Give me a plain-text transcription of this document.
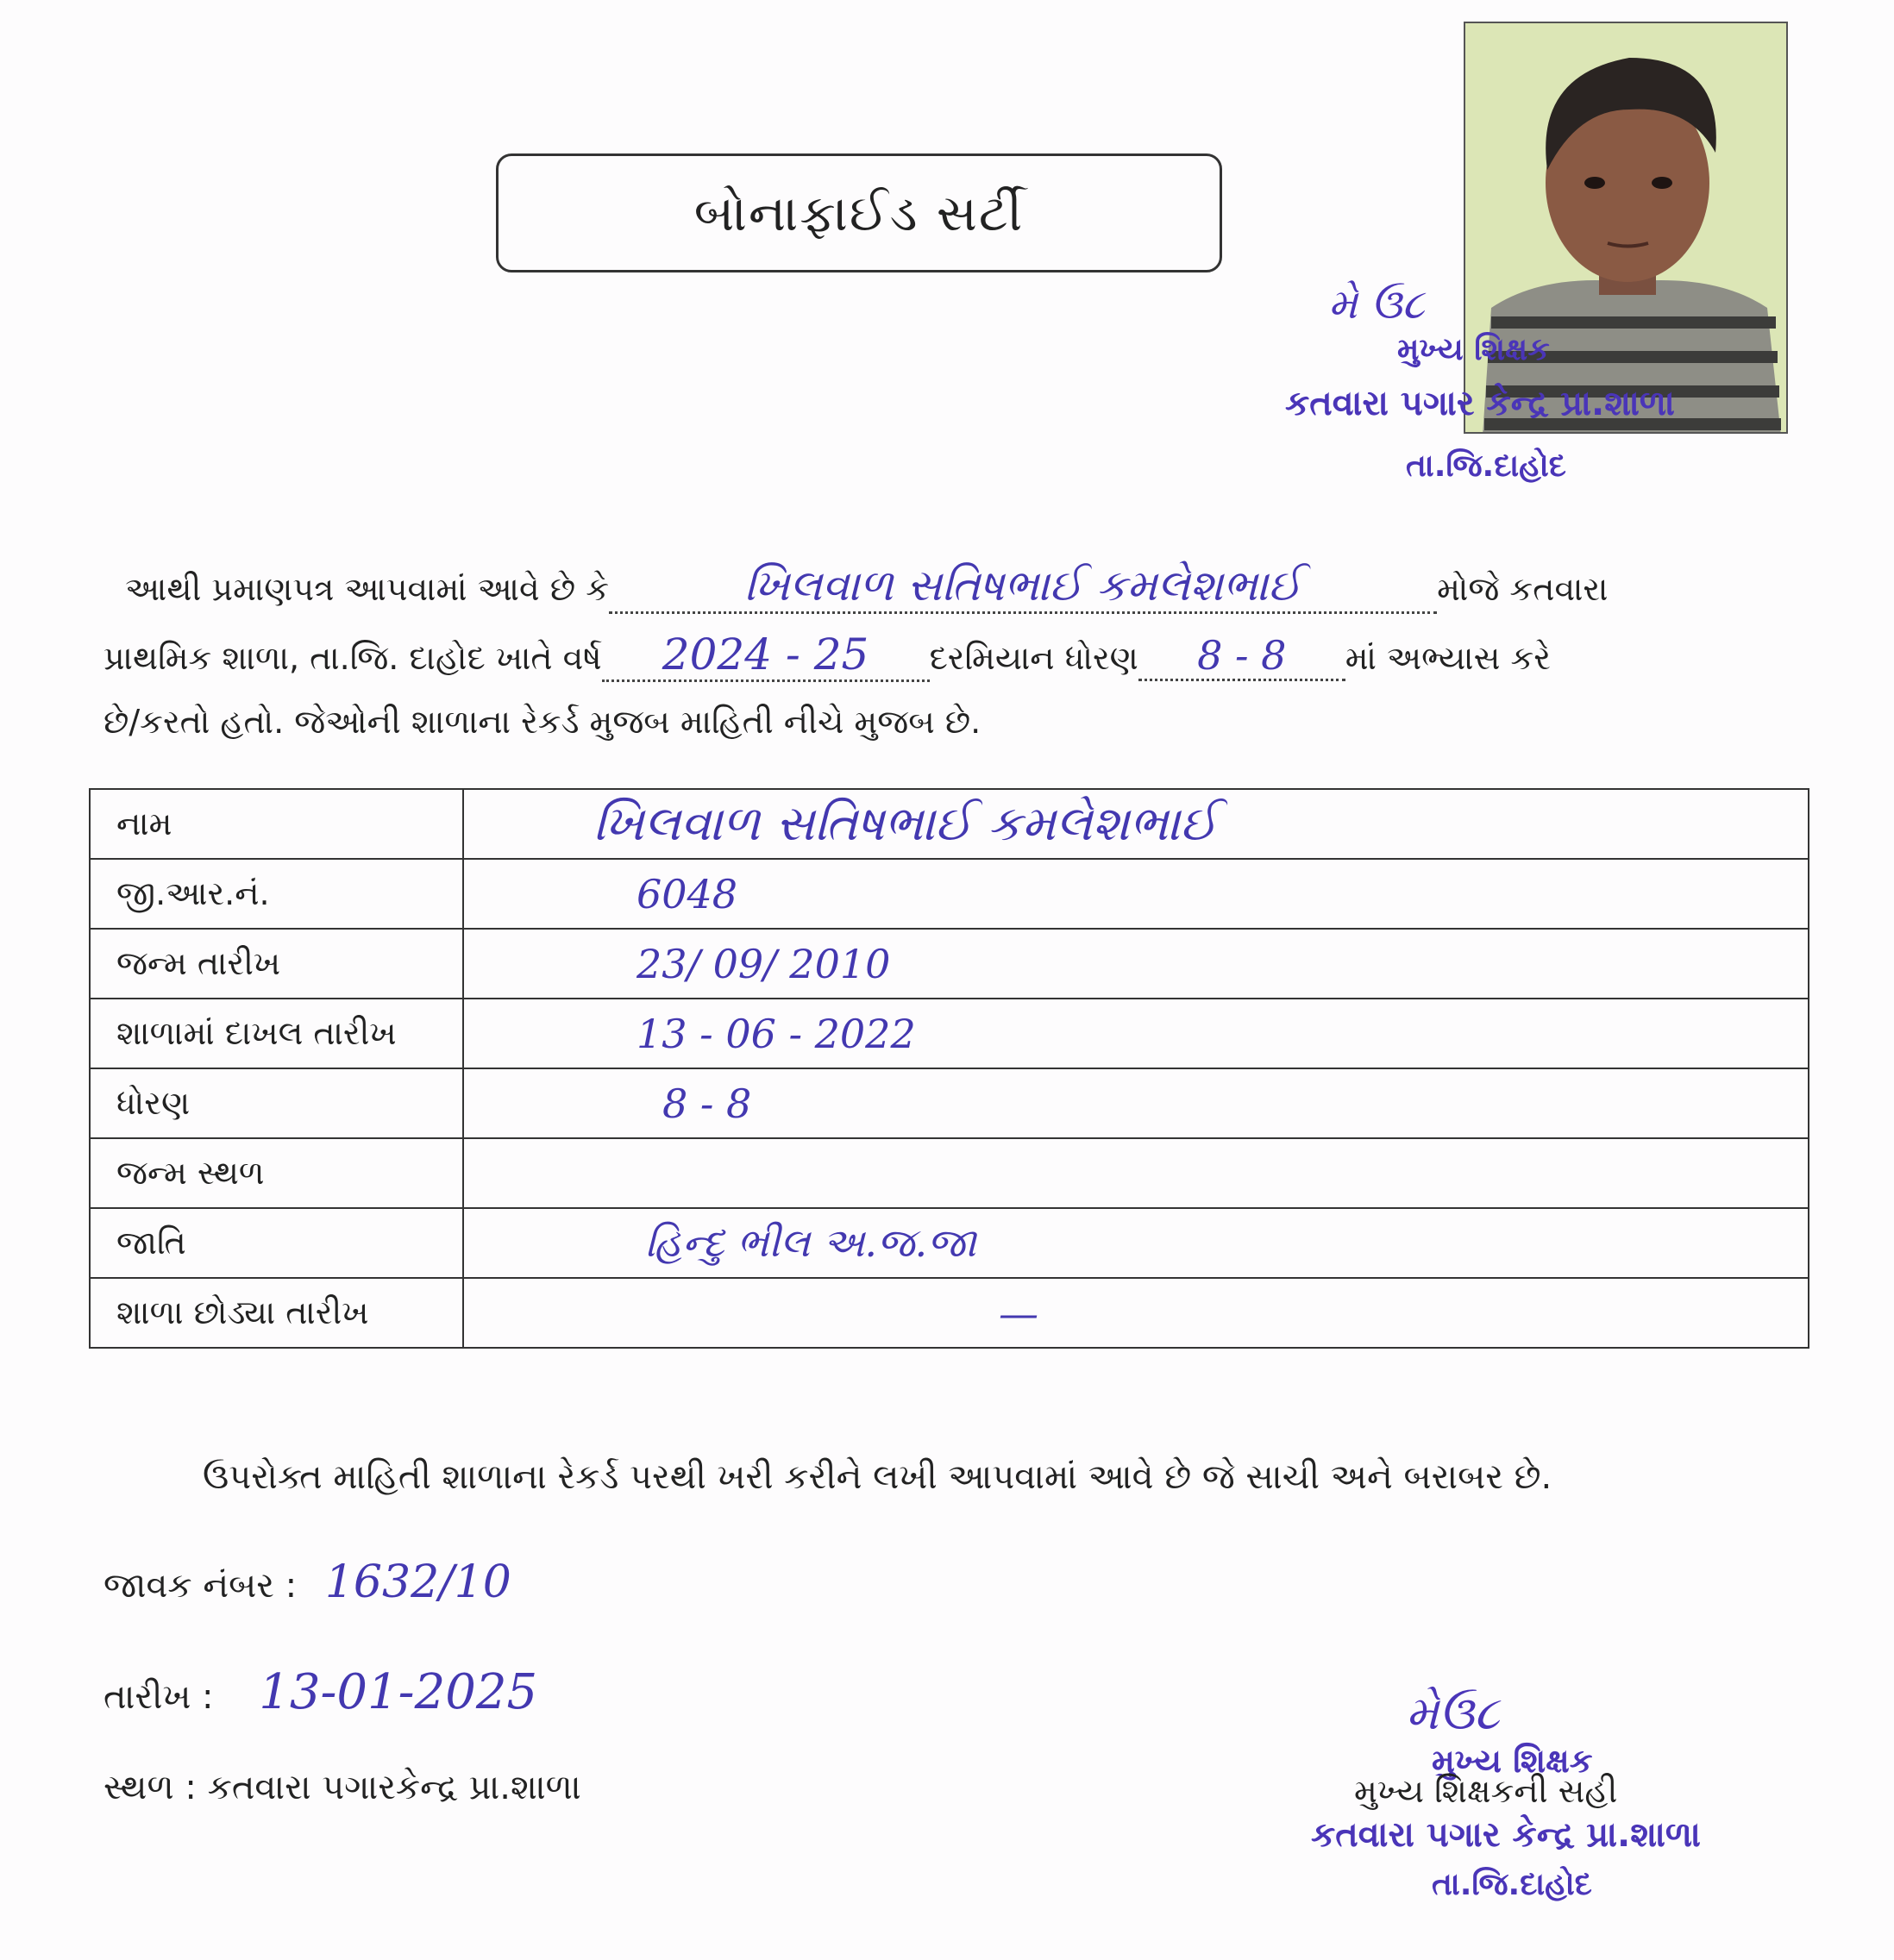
બોનાફાઈડ સર્ટી
મે ઉ૮
મુખ્ય શિક્ષક
કતવારા પગાર કેન્દ્ર પ્રા.શાળા
તા.જિ.દાહોદ
આથી પ્રમાણપત્ર આપવામાં આવે છે કે	ખિલવાળ સતિષભાઈ કમલેશભાઈ	મોજે કતવારા
પ્રાથમિક શાળા, તા.જિ. દાહોદ ખાતે વર્ષ 2024 - 25 દરમિયાન ધોરણ 8 - 8 માં અભ્યાસ કરે
છે/કરતો હતો. જેઓની શાળાના રેકર્ડ મુજબ માહિતી નીચે મુજબ છે.
નામ	ખિલવાળ સતિષભાઈ કમલેશભાઈ
જી.આર.નં.	6048
જન્મ તારીખ	23/ 09/ 2010
શાળામાં દાખલ તારીખ	13 - 06 - 2022
ધોરણ	8 - 8
જન્મ સ્થળ
જાતિ	હિન્દુ ભીલ અ.જ.જા
શાળા છોડ્યા તારીખ	—
ઉપરોક્ત માહિતી શાળાના રેકર્ડ પરથી ખરી કરીને લખી આપવામાં આવે છે જે સાચી અને બરાબર છે.
જાવક નંબર : 1632/10
તારીખ : 13-01-2025
સ્થળ : કતવારા પગારકેન્દ્ર પ્રા.શાળા
મેઉ૮
મુખ્ય શિક્ષક
મુખ્ય શિક્ષકની સહી
કતવારા પગાર કેન્દ્ર પ્રા.શાળા
તા.જિ.દાહોદ
